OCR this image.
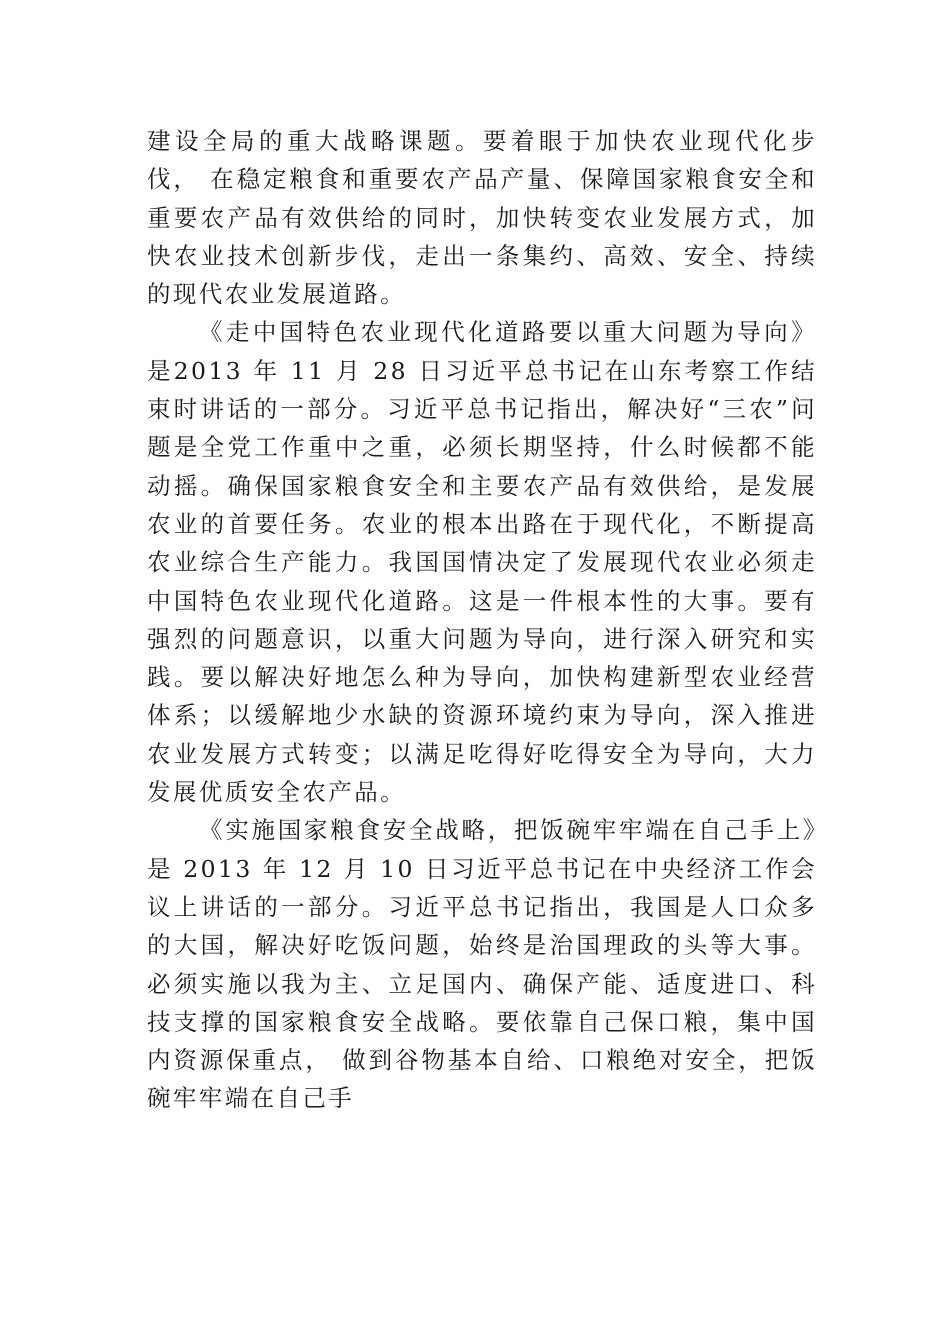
建设全局的重大战略课题。要着眼于加快农业现代化步伐， 在稳定粮食和重要农产品产量、保障国家粮食安全和重要农产品有效供给的同时，加快转变农业发展方式，加快农业技术创新步伐，走出一条集约、高效、安全、持续的现代农业发展道路。

《走中国特色农业现代化道路要以重大问题为导向》是2013 年 11 月 28 日习近平总书记在山东考察工作结束时讲话的一部分。习近平总书记指出，解决好“三农”问题是全党工作重中之重，必须长期坚持，什么时候都不能动摇。确保国家粮食安全和主要农产品有效供给，是发展农业的首要任务。农业的根本出路在于现代化，不断提高农业综合生产能力。我国国情决定了发展现代农业必须走中国特色农业现代化道路。这是一件根本性的大事。要有强烈的问题意识，以重大问题为导向，进行深入研究和实践。要以解决好地怎么种为导向，加快构建新型农业经营体系；以缓解地少水缺的资源环境约束为导向，深入推进农业发展方式转变；以满足吃得好吃得安全为导向，大力发展优质安全农产品。

《实施国家粮食安全战略，把饭碗牢牢端在自己手上》是 2013 年 12 月 10 日习近平总书记在中央经济工作会议上讲话的一部分。习近平总书记指出，我国是人口众多的大国，解决好吃饭问题，始终是治国理政的头等大事。必须实施以我为主、立足国内、确保产能、适度进口、科技支撑的国家粮食安全战略。要依靠自己保口粮，集中国内资源保重点， 做到谷物基本自给、口粮绝对安全，把饭碗牢牢端在自己手
